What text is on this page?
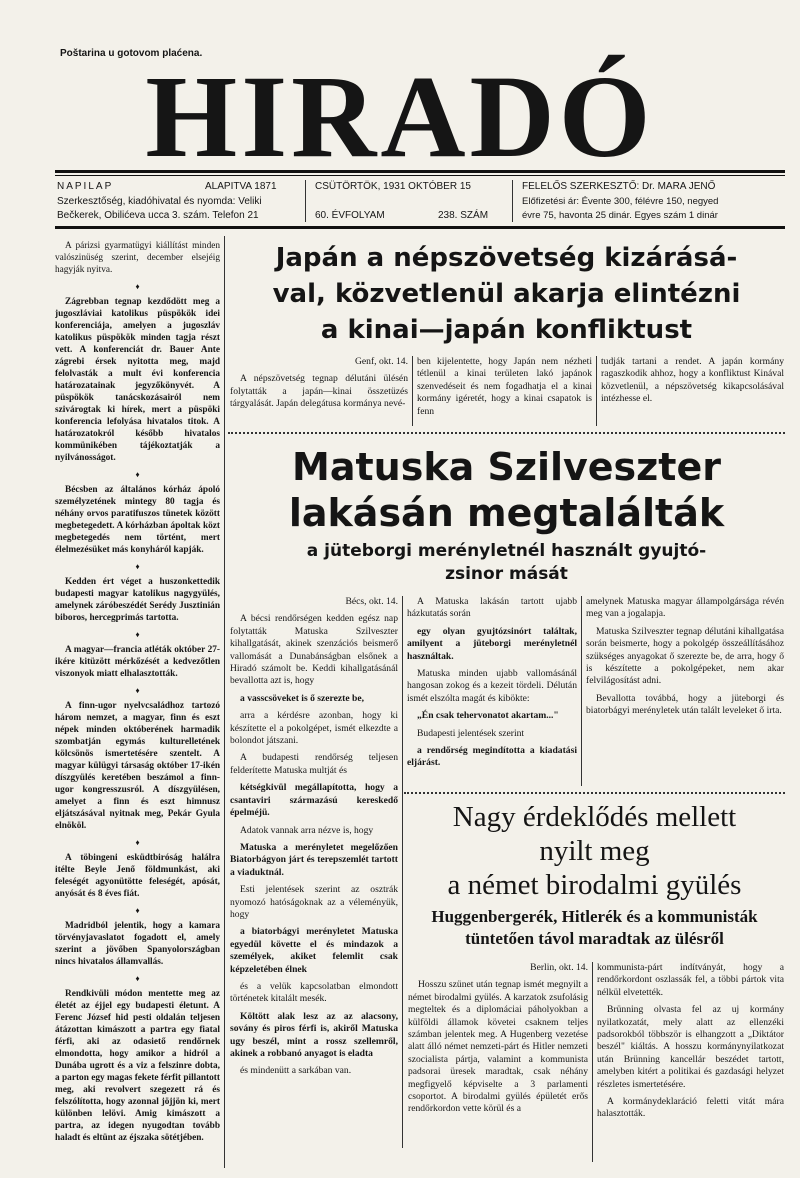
Poštarina u gotovom plaćena.
HIRADÓ
NAPILAP	ALAPITVA 1871
Szerkesztőség, kiadóhivatal és nyomda: Veliki
Bečkerek, Obilićeva ucca 3. szám. Telefon 21
CSÜTÖRTÖK, 1931 OKTÓBER 15
60. ÉVFOLYAM	238. SZÁM
FELELŐS SZERKESZTŐ: Dr. MARA JENŐ
Előfizetési ár: Évente 300, félévre 150, negyed
évre 75, havonta 25 dinár. Egyes szám 1 dinár

A párizsi gyarmatügyi kiállítást minden valószinüség szerint, december elsejéig hagyják nyitva.

♦

Zágrebban tegnap kezdődött meg a jugoszláviai katolikus püspökök idei konferenciája, amelyen a jugoszláv katolikus püspökök minden tagja részt vett. A konferenciát dr. Bauer Ante zágrebi érsek nyitotta meg, majd felolvasták a mult évi konferencia határozatainak jegyzőkönyvét. A püspökök tanácskozásairól nem szivárogtak ki hírek, mert a püspöki konferencia lefolyása hivatalos titok. A határozatokról később hivatalos kommünikében tájékoztatják a nyilvánosságot.

♦

Bécsben az általános kórház ápoló személyzetének mintegy 80 tagja és néhány orvos paratifuszos tünetek között megbetegedett. A kórházban ápoltak közt megbetegedés nem történt, mert élelmezésüket más konyháról kapják.

♦

Kedden ért véget a huszonkettedik budapesti magyar katolikus nagygyülés, amelynek záróbeszédét Serédy Jusztinián biboros, hercegprimás tartotta.

♦

A magyar—francia atléták október 27-ikére kitüzött mérkőzését a kedvezőtlen viszonyok miatt elhalasztották.

♦

A finn-ugor nyelvcsaládhoz tartozó három nemzet, a magyar, finn és eszt népek minden októberének harmadik szombatján egymás kulturelletének kölcsönös ismertetésére szentelt. A magyar külügyi társaság október 17-ikén díszgyülés keretében beszámol a finn-ugor kongresszusról. A díszgyülésen, amelyet a finn és eszt himnusz eljátszásával nyitnak meg, Pekár Gyula elnököl.

♦

A töbingeni esküdtbiróság halálra itélte Beyle Jenő földmunkást, aki feleségét agyonütötte feleségét, apósát, anyósát és 8 éves fiát.

♦

Madridból jelentik, hogy a kamara törvényjavaslatot fogadott el, amely szerint a jövőben Spanyolországban nincs hivatalos államvallás.

♦

Rendkivüli módon mentette meg az életét az éjjel egy budapesti életunt. A Ferenc József hid pesti oldalán teljesen átázottan kimászott a partra egy fiatal férfi, aki az odasiető rendőrnek elmondotta, hogy amikor a hidról a Dunába ugrott és a viz a felszinre dobta, a parton egy magas fekete férfit pillantott meg, aki revolvert szegezett rá és felszólította, hogy azonnal jöjjön ki, mert különben lelövi. Amig kimászott a partra, az idegen nyugodtan tovább haladt és eltünt az éjszaka sötétjében.

Japán a népszövetség kizárásá-
val, közvetlenül akarja elintézni
a kinai—japán konfliktust

Genf, okt. 14.

A népszövetség tegnap délutáni ülésén folytatták a japán—kinai összetüzés tárgyalását. Japán delegátusa kormánya nevé-

ben kijelentette, hogy Japán nem nézheti tétlenül a kinai területen lakó japánok szenvedéseit és nem fogadhatja el a kinai kormány igéretét, hogy a kinai csapatok is fenn

tudják tartani a rendet. A japán kormány ragaszkodik ahhoz, hogy a konfliktust Kinával közvetlenül, a népszövetség kikapcsolásával intézhesse el.

Matuska Szilveszter
lakásán megtalálták
a jüteborgi merényletnél használt gyujtó-
zsinor mását

Bécs, okt. 14.

A bécsi rendőrségen kedden egész nap folytatták Matuska Szilveszter kihallgatását, akinek szenzációs beismerő vallomását a Dunabánságban elsőnek a Hiradó számolt be. Keddi kihallgatásánál bevallotta azt is, hogy

a vasscsöveket is ő szerezte be,

arra a kérdésre azonban, hogy ki készítette el a pokolgépet, ismét elkezdte a bolondot játszani.

A budapesti rendőrség teljesen felderítette Matuska multját és

kétségkivül megállapította, hogy a csantaviri származású kereskedő épelméjü.

Adatok vannak arra nézve is, hogy

Matuska a merényletet megelőzően Biatorbágyon járt és terepszemlét tartott a viaduktnál.

Esti jelentések szerint az osztrák nyomozó hatóságoknak az a véleményük, hogy

a biatorbágyi merényletet Matuska egyedül követte el és mindazok a személyek, akiket felemlit csak képzeletében élnek

és a velük kapcsolatban elmondott történetek kitalált mesék.

Költött alak lesz az az alacsony, sovány és piros férfi is, akiről Matuska ugy beszél, mint a rossz szellemről, akinek a robbanó anyagot is eladta

és mindenütt a sarkában van.

A Matuska lakásán tartott ujabb házkutatás során

egy olyan gyujtózsinórt találtak, amilyent a jüteborgi merényletnél használtak.

Matuska minden ujabb vallomásánál hangosan zokog és a kezeit tördeli. Délután ismét elszólta magát és kibökte:

„Én csak tehervonatot akartam..."

Budapesti jelentések szerint

a rendőrség megindította a kiadatási eljárást.

amelynek Matuska magyar állampolgársága révén meg van a jogalapja.

Matuska Szilveszter tegnap délutáni kihallgatása során beismerte, hogy a pokolgép összeállításához szükséges anyagokat ő szerezte be, de arra, hogy ő is készítette a pokolgépeket, nem akar felvilágosítást adni.

Bevallotta továbbá, hogy a jüteborgi és biatorbágyi merényletek után talált leveleket ő irta.

Nagy érdeklődés mellett
nyilt meg
a német birodalmi gyülés
Huggenbergerék, Hitlerék és a kommunisták
tüntetően távol maradtak az ülésről

Berlin, okt. 14.

Hosszu szünet után tegnap ismét megnyilt a német birodalmi gyülés. A karzatok zsufolásig megteltek és a diplomáciai páholyokban a külföldi államok követei csaknem teljes számban jelentek meg. A Hugenberg vezetése alatt álló német nemzeti-párt és Hitler nemzeti szocialista pártja, valamint a kommunista padsorai üresek maradtak, csak néhány megfigyelő képviselte a 3 parlamenti csoportot. A birodalmi gyülés épületét erős rendőrkordon vette körül és a

kommunista-párt indítványát, hogy a rendőrkordont oszlassák fel, a többi pártok vita nélkül elvetették.

Brünning olvasta fel az uj kormány nyilatkozatát, mely alatt az ellenzéki padsorokból többször is elhangzott a „Diktátor beszél" kiáltás. A hosszu kormánynyilatkozat után Brünning kancellár beszédet tartott, amelyben kitért a politikai és gazdasági helyzet részletes ismertetésére.

A kormánydeklaráció feletti vitát mára halasztották.
